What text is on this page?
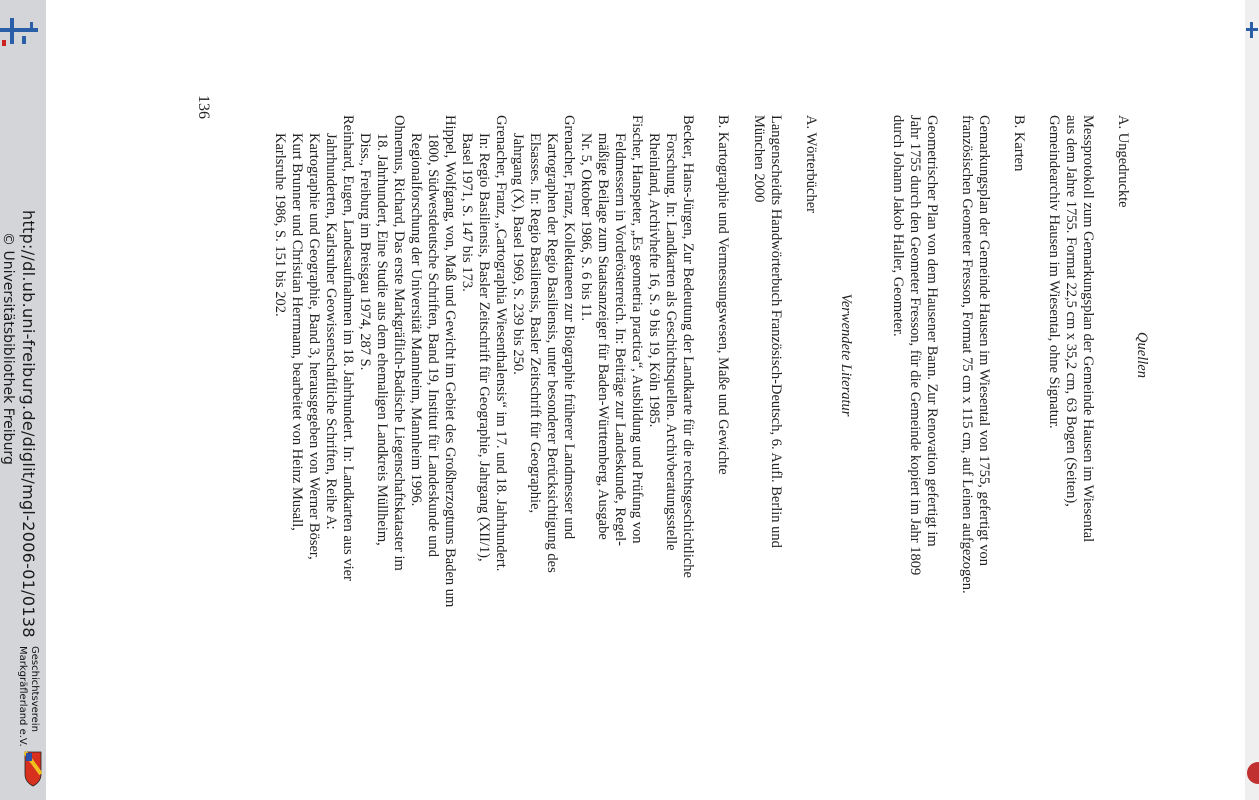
http://dl.ub.uni-freiburg.de/diglit/mgl-2006-01/0138
© Universitätsbibliothek Freiburg
Geschichtsverein
Markgräflerland e.V.
Quellen
A. Ungedruckte
Messprotokoll zum Gemarkungsplan der Gemeinde Hausen im Wiesental
aus dem Jahre 1755. Format 22,5 cm x 35,2 cm, 63 Bogen (Seiten),
Gemeindearchiv Hausen im Wiesental, ohne Signatur.
B. Karten
Gemarkungsplan der Gemeinde Hausen im Wiesental von 1755, gefertigt von
französischen Geometer Fresson, Format 75 cm x 115 cm, auf Leinen aufgezogen.
Geometrischer Plan von dem Hausener Bann. Zur Renovation gefertigt im
Jahr 1755 durch den Geometer Fresson, für die Gemeinde kopiert im Jahr 1809
durch Johann Jakob Haller, Geometer.
Verwendete Literatur
A. Wörterbücher
Langenscheidts Handwörterbuch Französisch-Deutsch, 6. Aufl. Berlin und
München 2000
B. Kartographie und Vermessungswesen, Maße und Gewichte
Becker, Hans-Jürgen, Zur Bedeutung der Landkarte für die rechtsgeschichtliche
Forschung. In: Landkarten als Geschichtsquellen. Archivberatungsstelle
Rheinland, Archivhefte 16, S. 9 bis 19, Köln 1985.
Fischer, Hanspeter, „Es geometria practica“, Ausbildung und Prüfung von
Feldmessern in Vorderösterreich. In: Beiträge zur Landeskunde, Regel-
mäßige Beilage zum Staatsanzeiger für Baden-Württemberg, Ausgabe
Nr. 5, Oktober 1986, S. 6 bis 11.
Grenacher, Franz, Kollektaneen zur Biographie früherer Landmesser und
Kartographen der Regio Basiliensis, unter besonderer Berücksichtigung des
Elsasses. In: Regio Basiliensis, Basler Zeitschrift für Geographie,
Jahrgang (X), Basel 1969, S. 239 bis 250.
Grenacher, Franz, „Cartographia Wiesenthalensis“ im 17. und 18. Jahrhundert.
In: Regio Basiliensis, Basler Zeitschrift für Geographie, Jahrgang (XII/1),
Basel 1971, S. 147 bis 173.
Hippel, Wolfgang, von, Maß und Gewicht im Gebiet des Großherzogtums Baden um
1800, Südwestdeutsche Schriften, Band 19, Institut für Landeskunde und
Regionalforschung der Universität Mannheim, Mannheim 1996.
Ohnemus, Richard, Das erste Markgräflich-Badische Liegenschaftskataster im
18. Jahrhundert, Eine Studie aus dem ehemaligen Landkreis Müllheim,
Diss., Freiburg im Breisgau 1974, 287 S.
Reinhard, Eugen, Landesaufnahmen im 18. Jahrhundert. In: Landkarten aus vier
Jahrhunderten, Karlsruher Geowissenschaftliche Schriften, Reihe A:
Kartographie und Geographie, Band 3, herausgegeben von Werner Böser,
Kurt Brunner und Christian Herrmann, bearbeitet von Heinz Musall,
Karlsruhe 1986, S. 151 bis 202.
136
